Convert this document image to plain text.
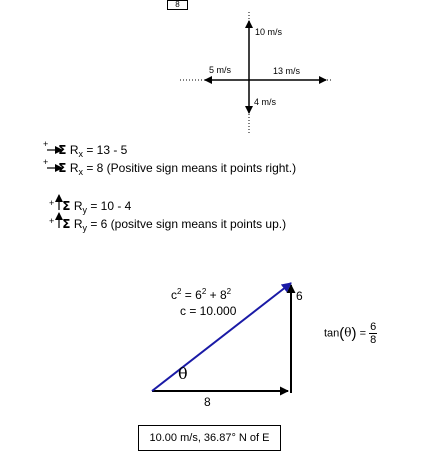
8
10 m/s
5 m/s	13 m/s
4 m/s
+ Σ $R_x = 13 - 5$
+ Σ $R_x = 8$ (Positive sign means it points right.)
+ Σ $R_y = 10 - 4$
+ Σ $R_y = 6$ (positve sign means it points up.)
$c^2 = 6^2 + 8^2$
c = 10.000
6
8
θ
$\tan(\theta) = \frac{6}{8}$
10.00 m/s, 36.87° N of E
